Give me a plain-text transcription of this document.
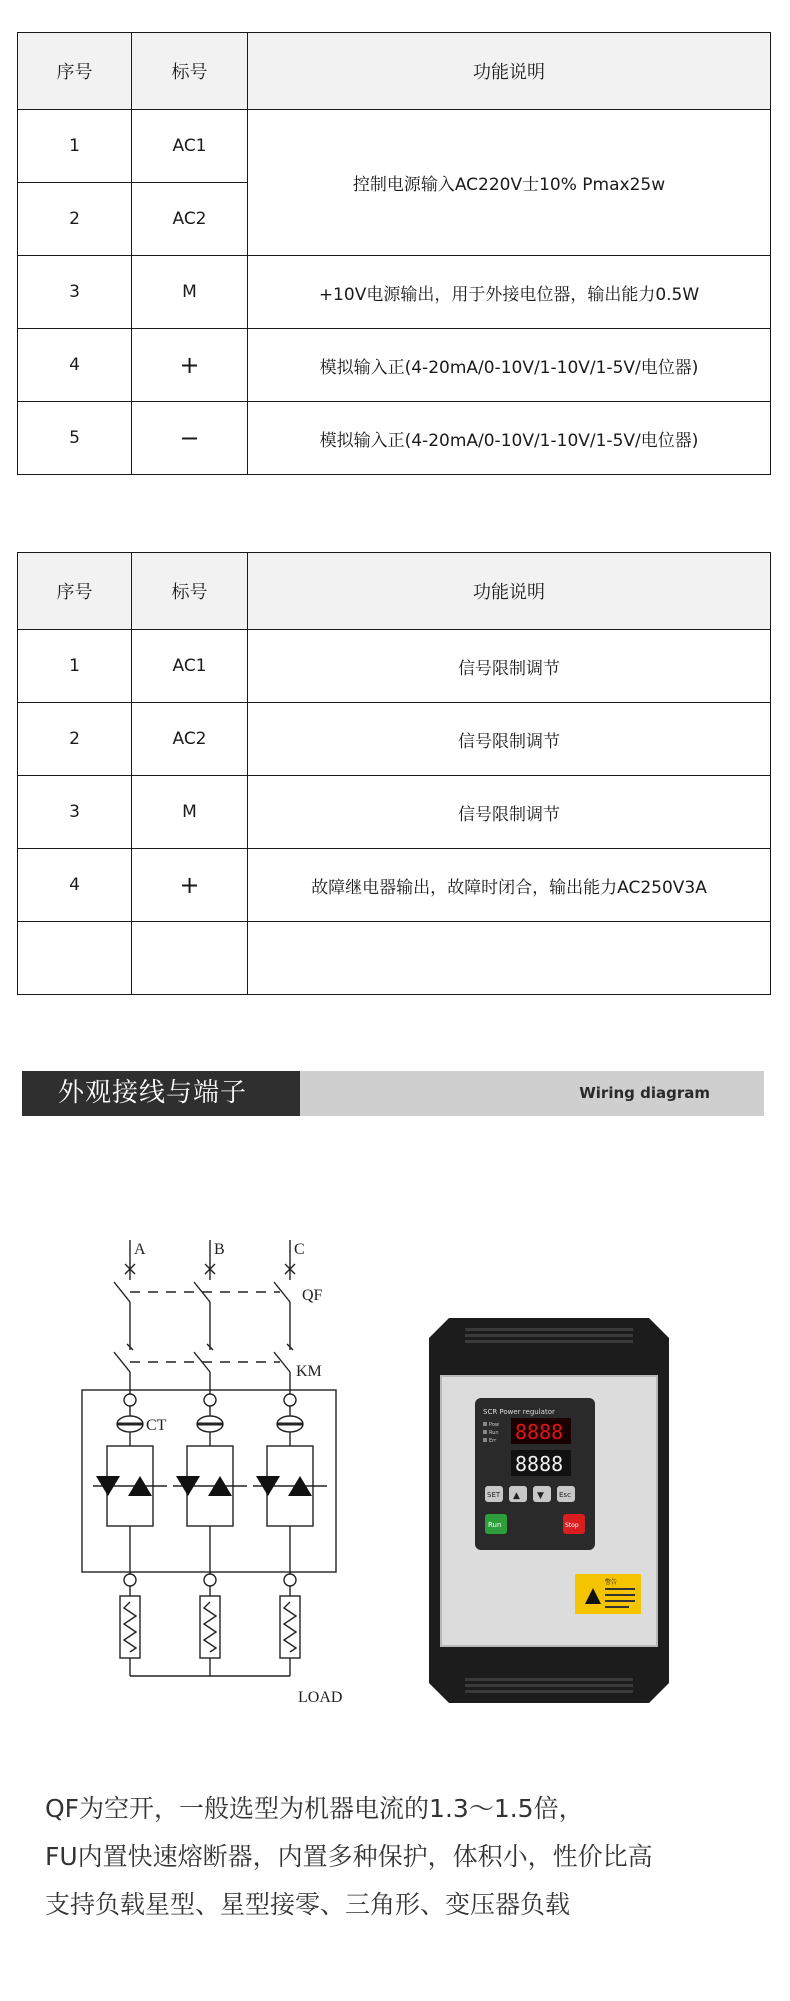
序号	标号	功能说明
1	AC1	控制电源输入AC220V士10% Pmax25w
2	AC2	
3	M	+10V电源输出，用于外接电位器，输出能力0.5W
4	+	模拟输入正(4-20mA/0-10V/1-10V/1-5V/电位器)
5	−	模拟输入正(4-20mA/0-10V/1-10V/1-5V/电位器)
序号	标号	功能说明
1	AC1	信号限制调节
2	AC2	信号限制调节
3	M	信号限制调节
4	+	故障继电器输出，故障时闭合，输出能力AC250V3A

外观接线与端子	Wiring diagram
A	B	C
QF
KM
CT
LOAD
SCR Power regulator
Pow
Run
Err 8888
8888
SET ▲ ▼ Esc
Run	Stop
警告
QF为空开，一般选型为机器电流的1.3～1.5倍，
FU内置快速熔断器，内置多种保护，体积小，性价比高
支持负载星型、星型接零、三角形、变压器负载
